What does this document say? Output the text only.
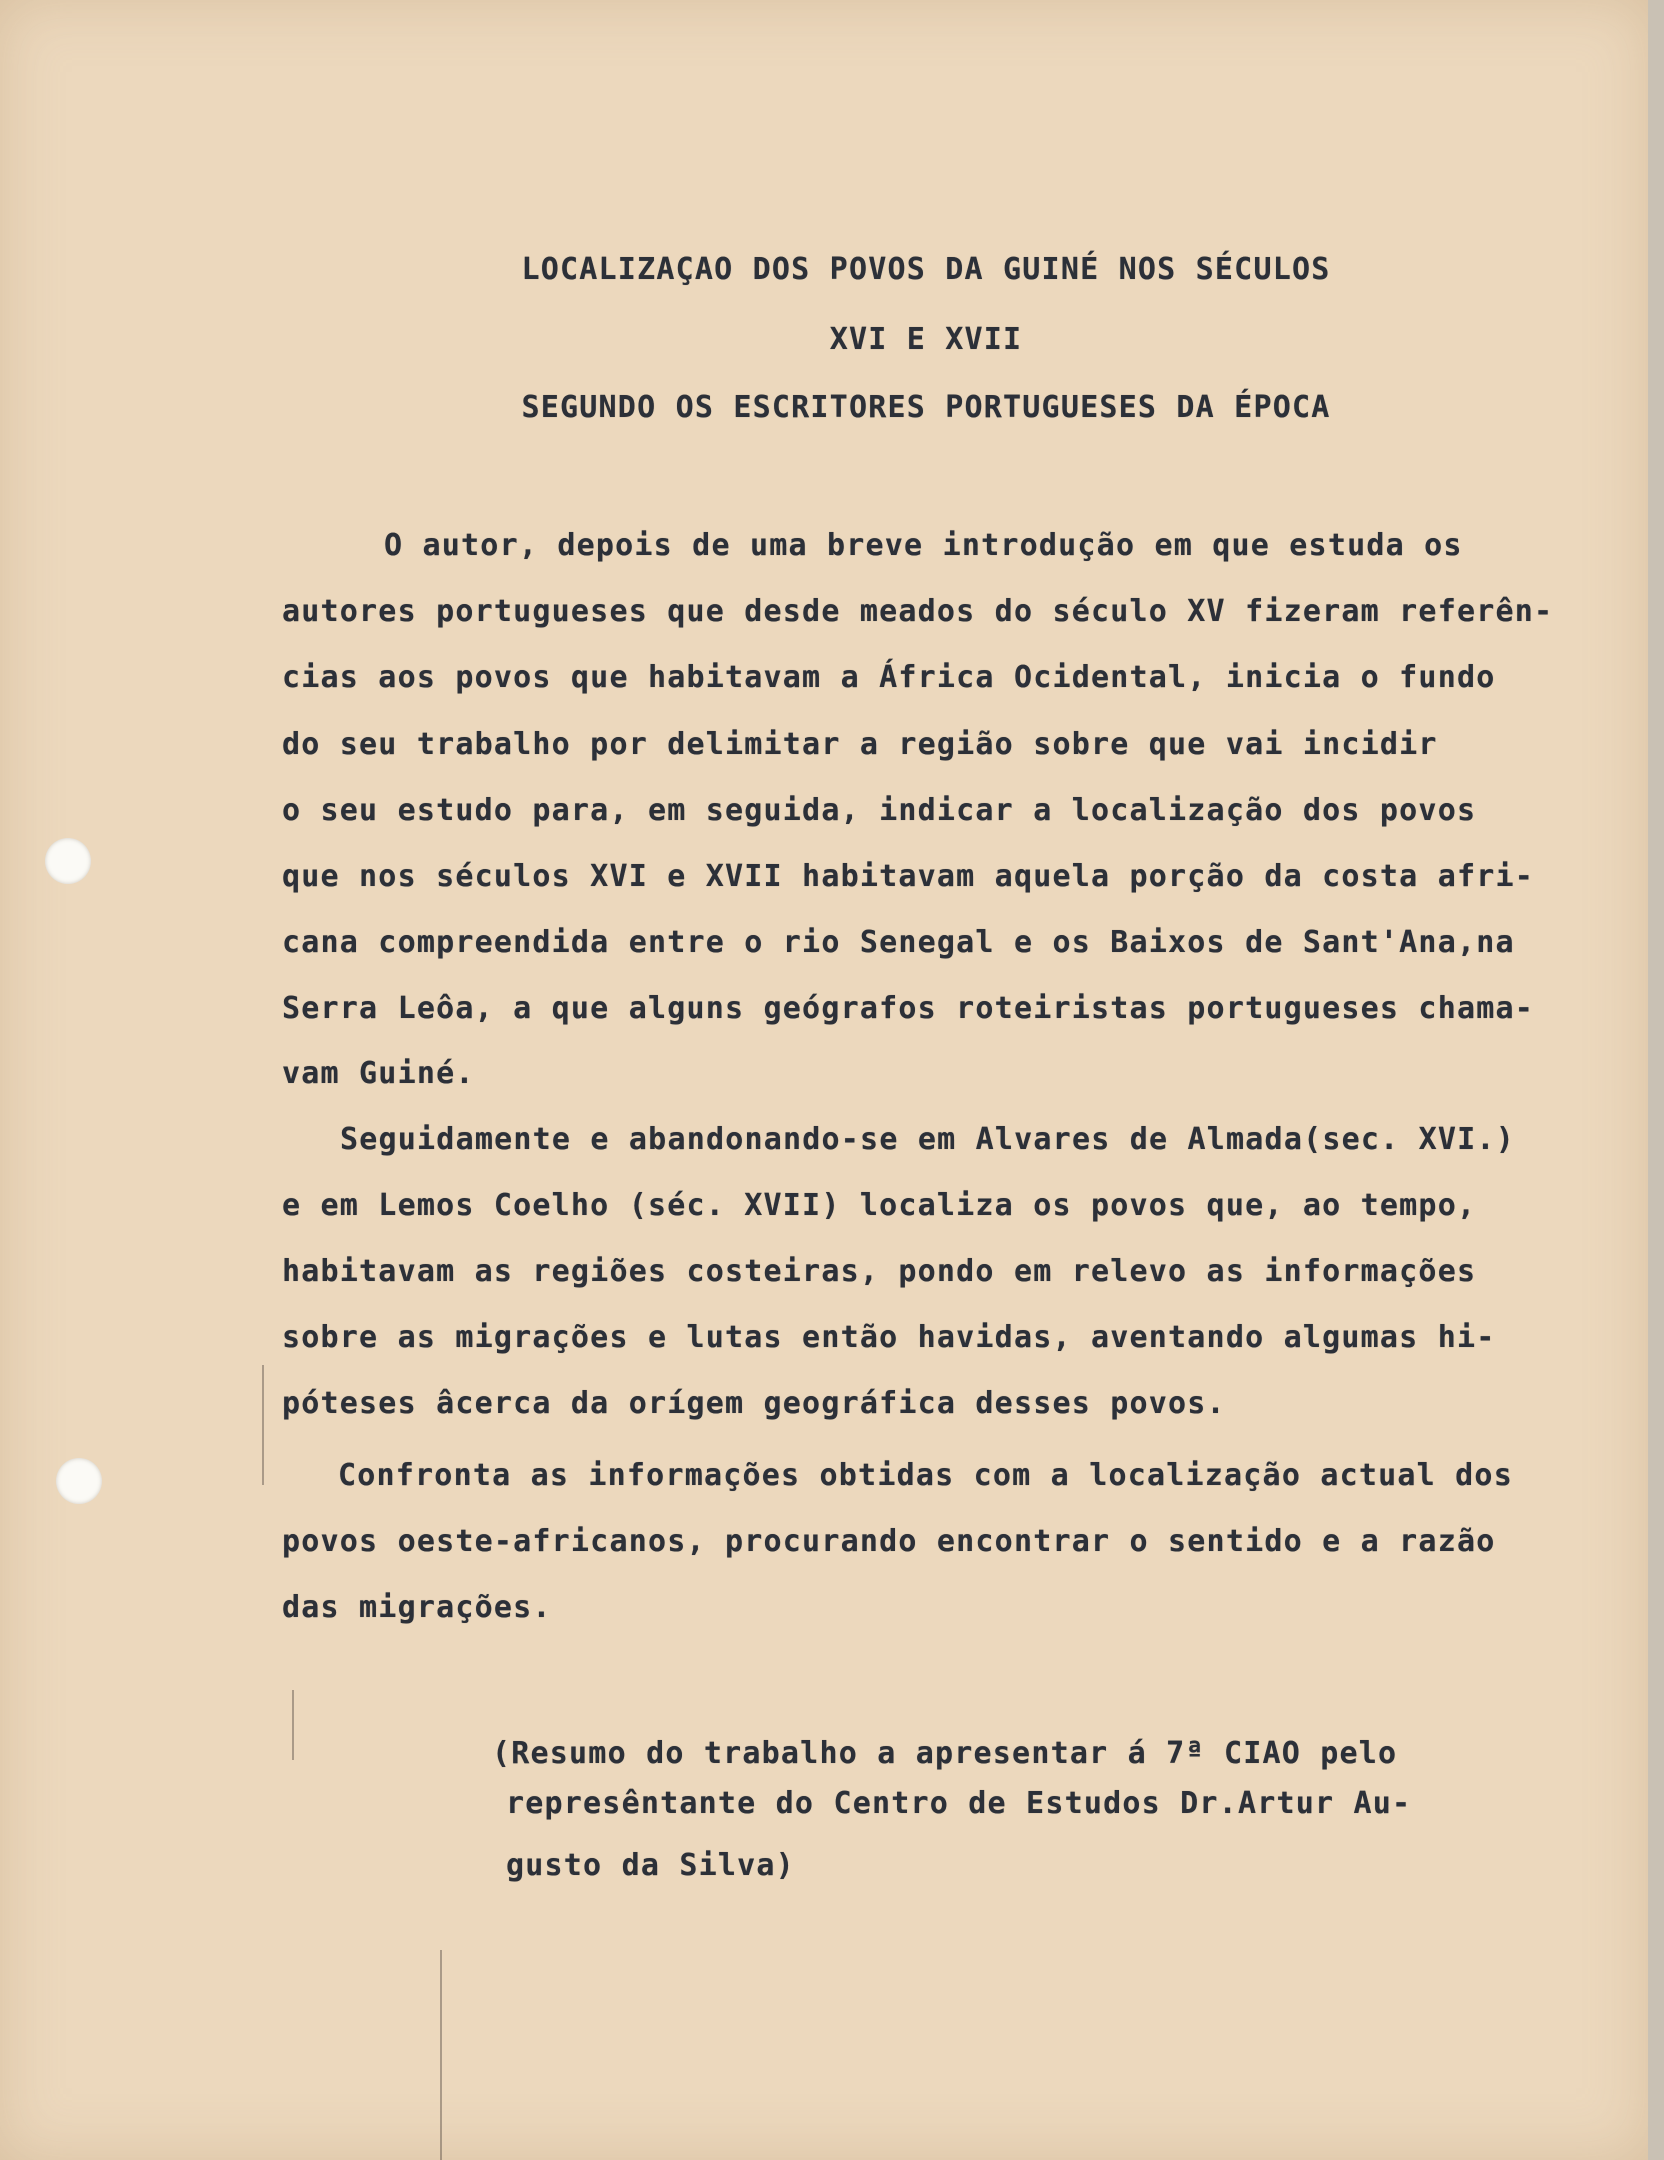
LOCALIZAÇAO DOS POVOS DA GUINÉ NOS SÉCULOS
XVI E XVII
SEGUNDO OS ESCRITORES PORTUGUESES DA ÉPOCA
O autor, depois de uma breve introdução em que estuda os
autores portugueses que desde meados do século XV fizeram referên-
cias aos povos que habitavam a África Ocidental, inicia o fundo
do seu trabalho por delimitar a região sobre que vai incidir
o seu estudo para, em seguida, indicar a localização dos povos
que nos séculos XVI e XVII habitavam aquela porção da costa afri-
cana compreendida entre o rio Senegal e os Baixos de Sant'Ana,na
Serra Leôa, a que alguns geógrafos roteiristas portugueses chama-
vam Guiné.
Seguidamente e abandonando-se em Alvares de Almada(sec. XVI.)
e em Lemos Coelho (séc. XVII) localiza os povos que, ao tempo,
habitavam as regiões costeiras, pondo em relevo as informações
sobre as migrações e lutas então havidas, aventando algumas hi-
póteses âcerca da orígem geográfica desses povos.
Confronta as informações obtidas com a localização actual dos
povos oeste-africanos, procurando encontrar o sentido e a razão
das migrações.
(Resumo do trabalho a apresentar á 7ª CIAO pelo
represêntante do Centro de Estudos Dr.Artur Au-
gusto da Silva)
